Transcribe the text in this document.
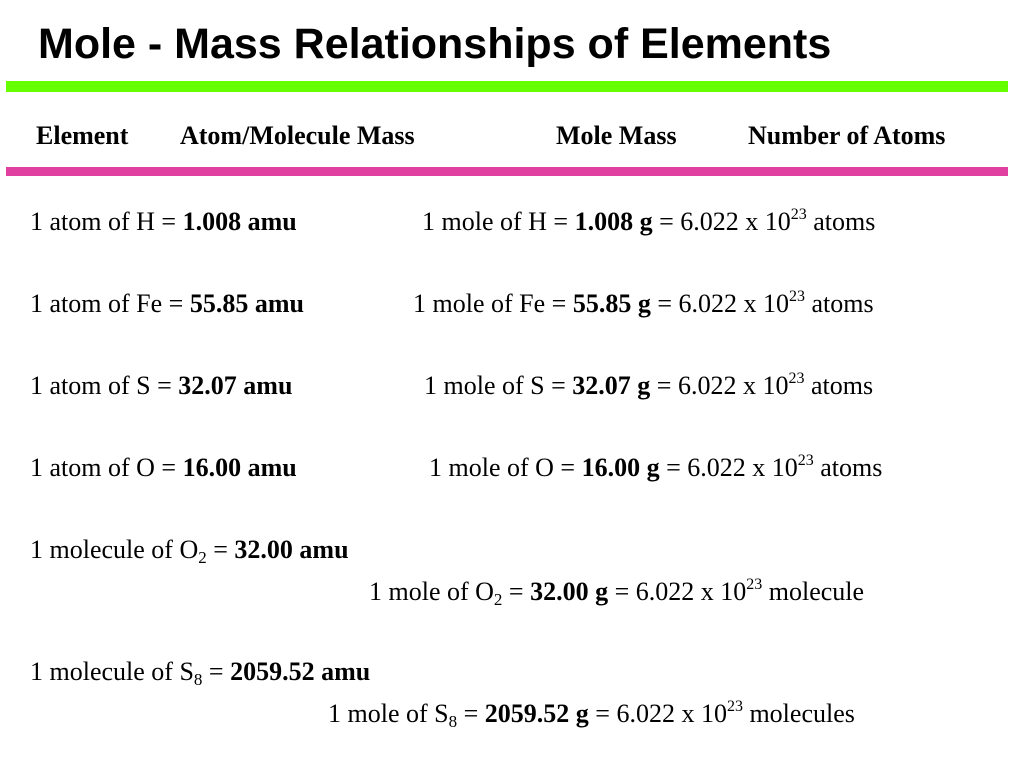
Mole - Mass Relationships of Elements
Element Atom/Molecule Mass	Mole Mass	Number of Atoms
1 atom of H = 1.008 amu	1 mole of H = 1.008 g = 6.022 x $10^{23}$ atoms
1 atom of Fe = 55.85 amu	1 mole of Fe = 55.85 g = 6.022 x $10^{23}$ atoms
1 atom of S = 32.07 amu	1 mole of S = 32.07 g = 6.022 x $10^{23}$ atoms
1 atom of O = 16.00 amu	1 mole of O = 16.00 g = 6.022 x $10^{23}$ atoms
1 molecule of $O_2 = 32.00$ amu
1 mole of $O_2 = 32.00$ g = 6.022 x $10^{23}$ molecule
1 molecule of $S_8 = 2059.52$ amu
1 mole of $S_8 = 2059.52$ g = 6.022 x $10^{23}$ molecules
